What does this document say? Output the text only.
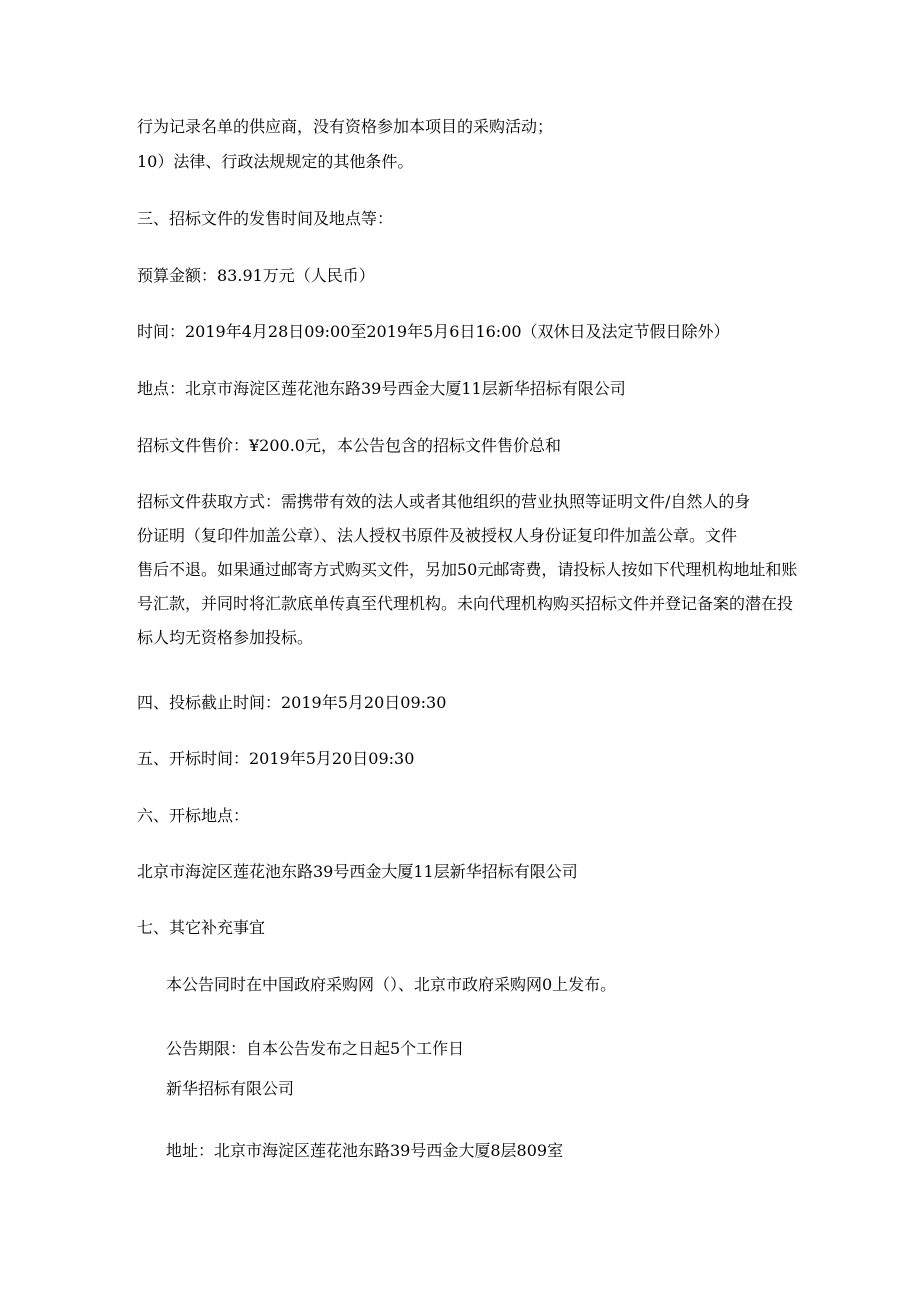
行为记录名单的供应商，没有资格参加本项目的采购活动；

10）法律、行政法规规定的其他条件。

三、招标文件的发售时间及地点等：

预算金额：83.91万元（人民币）

时间：2019年4月28日09:00至2019年5月6日16:00（双休日及法定节假日除外）

地点：北京市海淀区莲花池东路39号西金大厦11层新华招标有限公司

招标文件售价：¥200.0元，本公告包含的招标文件售价总和

招标文件获取方式：需携带有效的法人或者其他组织的营业执照等证明文件/自然人的身
份证明（复印件加盖公章）、法人授权书原件及被授权人身份证复印件加盖公章。文件
售后不退。如果通过邮寄方式购买文件，另加50元邮寄费，请投标人按如下代理机构地址和账
号汇款，并同时将汇款底单传真至代理机构。未向代理机构购买招标文件并登记备案的潜在投
标人均无资格参加投标。

四、投标截止时间：2019年5月20日09:30

五、开标时间：2019年5月20日09:30

六、开标地点：

北京市海淀区莲花池东路39号西金大厦11层新华招标有限公司

七、其它补充事宜

本公告同时在中国政府采购网（）、北京市政府采购网0上发布。

公告期限：自本公告发布之日起5个工作日

新华招标有限公司

地址：北京市海淀区莲花池东路39号西金大厦8层809室
